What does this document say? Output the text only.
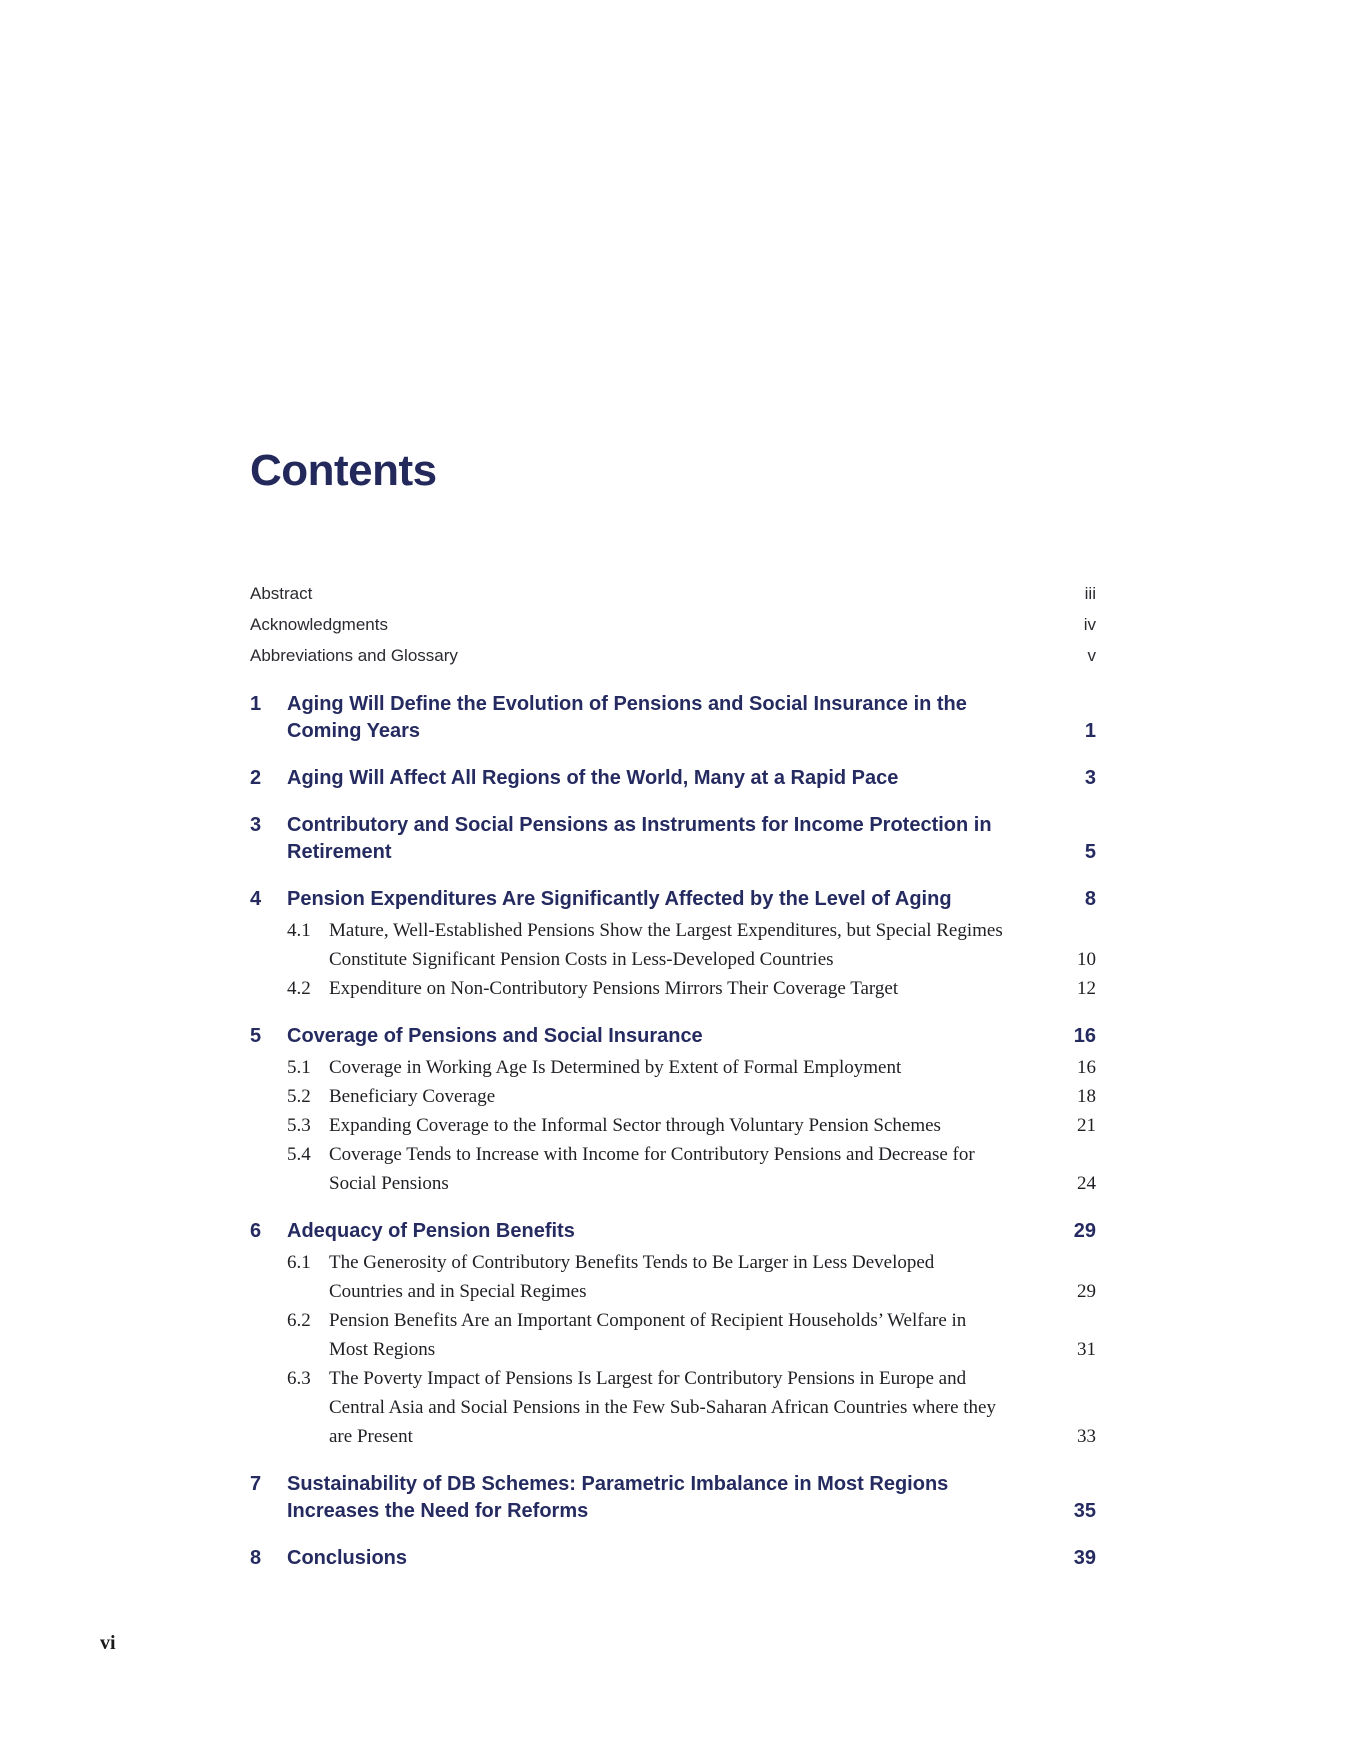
Contents
Abstract	iii
Acknowledgments	iv
Abbreviations and Glossary	v
1	Aging Will Define the Evolution of Pensions and Social Insurance in the Coming Years	1
2	Aging Will Affect All Regions of the World, Many at a Rapid Pace	3
3	Contributory and Social Pensions as Instruments for Income Protection in Retirement	5
4	Pension Expenditures Are Significantly Affected by the Level of Aging	8
4.1 Mature, Well-Established Pensions Show the Largest Expenditures, but Special Regimes Constitute Significant Pension Costs in Less-Developed Countries	10
4.2 Expenditure on Non-Contributory Pensions Mirrors Their Coverage Target	12
5	Coverage of Pensions and Social Insurance	16
5.1 Coverage in Working Age Is Determined by Extent of Formal Employment	16
5.2 Beneficiary Coverage	18
5.3 Expanding Coverage to the Informal Sector through Voluntary Pension Schemes	21
5.4 Coverage Tends to Increase with Income for Contributory Pensions and Decrease for Social Pensions	24
6	Adequacy of Pension Benefits	29
6.1 The Generosity of Contributory Benefits Tends to Be Larger in Less Developed Countries and in Special Regimes	29
6.2 Pension Benefits Are an Important Component of Recipient Households’ Welfare in Most Regions	31
6.3 The Poverty Impact of Pensions Is Largest for Contributory Pensions in Europe and Central Asia and Social Pensions in the Few Sub-Saharan African Countries where they are Present	33
7	Sustainability of DB Schemes: Parametric Imbalance in Most Regions Increases the Need for Reforms	35
8	Conclusions	39
vi
